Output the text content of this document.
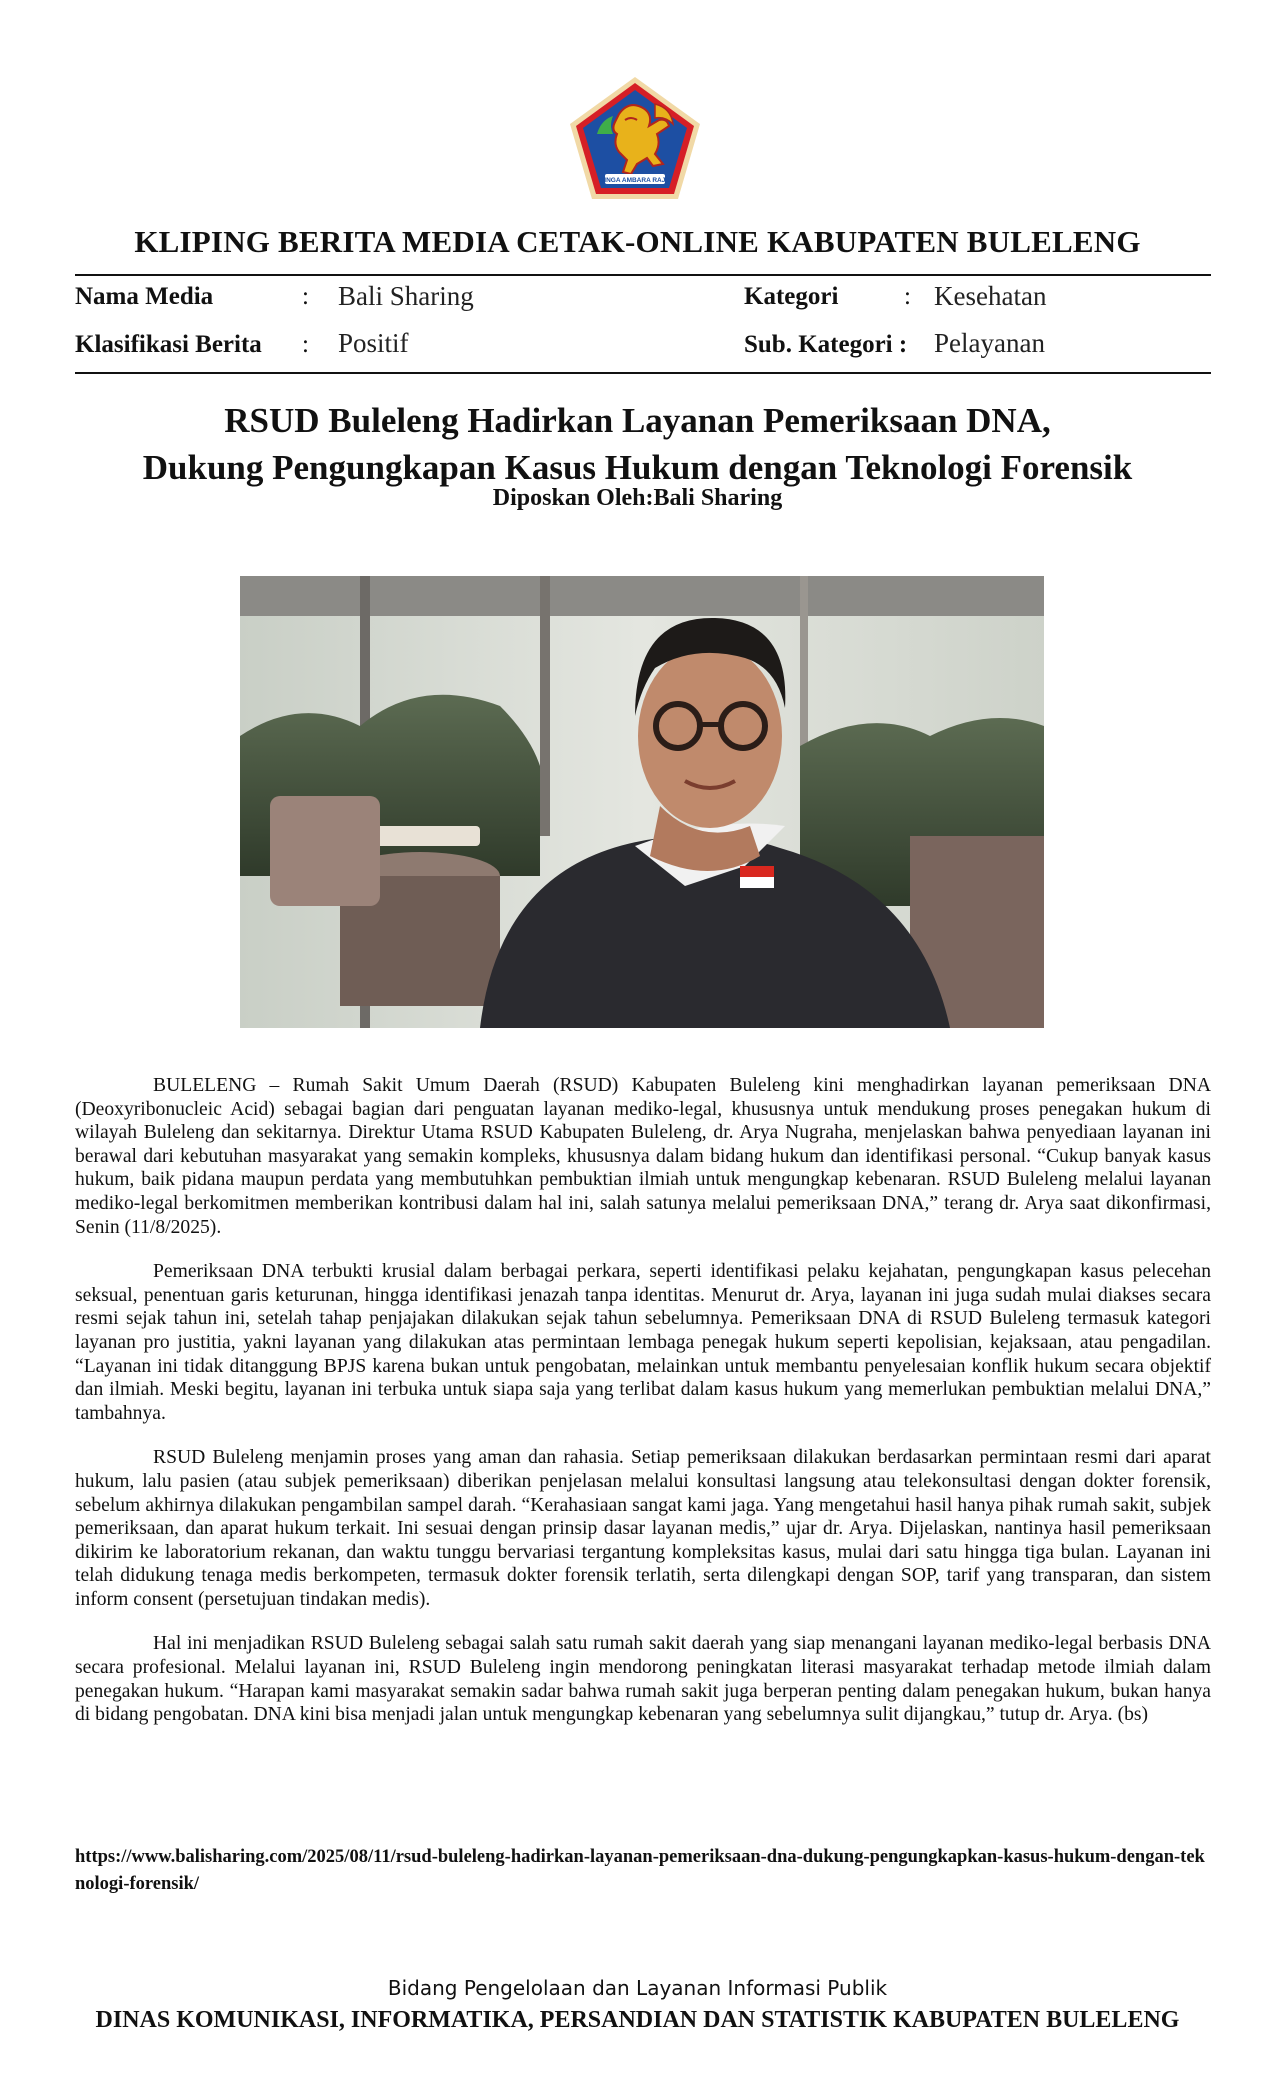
SINGA AMBARA RAJA
KLIPING BERITA MEDIA CETAK-ONLINE KABUPATEN BULELENG
Nama Media	: Bali Sharing	Kategori	: Kesehatan
Klasifikasi Berita : Positif	Sub. Kategori : Pelayanan
RSUD Buleleng Hadirkan Layanan Pemeriksaan DNA,
Dukung Pengungkapan Kasus Hukum dengan Teknologi Forensik
Diposkan Oleh:Bali Sharing

BULELENG – Rumah Sakit Umum Daerah (RSUD) Kabupaten Buleleng kini menghadirkan layanan pemeriksaan DNA (Deoxyribonucleic Acid) sebagai bagian dari penguatan layanan mediko-legal, khususnya untuk mendukung proses penegakan hukum di wilayah Buleleng dan sekitarnya. Direktur Utama RSUD Kabupaten Buleleng, dr. Arya Nugraha, menjelaskan bahwa penyediaan layanan ini berawal dari kebutuhan masyarakat yang semakin kompleks, khususnya dalam bidang hukum dan identifikasi personal. “Cukup banyak kasus hukum, baik pidana maupun perdata yang membutuhkan pembuktian ilmiah untuk mengungkap kebenaran. RSUD Buleleng melalui layanan mediko-legal berkomitmen memberikan kontribusi dalam hal ini, salah satunya melalui pemeriksaan DNA,” terang dr. Arya saat dikonfirmasi, Senin (11/8/2025).

Pemeriksaan DNA terbukti krusial dalam berbagai perkara, seperti identifikasi pelaku kejahatan, pengungkapan kasus pelecehan seksual, penentuan garis keturunan, hingga identifikasi jenazah tanpa identitas. Menurut dr. Arya, layanan ini juga sudah mulai diakses secara resmi sejak tahun ini, setelah tahap penjajakan dilakukan sejak tahun sebelumnya. Pemeriksaan DNA di RSUD Buleleng termasuk kategori layanan pro justitia, yakni layanan yang dilakukan atas permintaan lembaga penegak hukum seperti kepolisian, kejaksaan, atau pengadilan. “Layanan ini tidak ditanggung BPJS karena bukan untuk pengobatan, melainkan untuk membantu penyelesaian konflik hukum secara objektif dan ilmiah. Meski begitu, layanan ini terbuka untuk siapa saja yang terlibat dalam kasus hukum yang memerlukan pembuktian melalui DNA,” tambahnya.

RSUD Buleleng menjamin proses yang aman dan rahasia. Setiap pemeriksaan dilakukan berdasarkan permintaan resmi dari aparat hukum, lalu pasien (atau subjek pemeriksaan) diberikan penjelasan melalui konsultasi langsung atau telekonsultasi dengan dokter forensik, sebelum akhirnya dilakukan pengambilan sampel darah. “Kerahasiaan sangat kami jaga. Yang mengetahui hasil hanya pihak rumah sakit, subjek pemeriksaan, dan aparat hukum terkait. Ini sesuai dengan prinsip dasar layanan medis,” ujar dr. Arya. Dijelaskan, nantinya hasil pemeriksaan dikirim ke laboratorium rekanan, dan waktu tunggu bervariasi tergantung kompleksitas kasus, mulai dari satu hingga tiga bulan. Layanan ini telah didukung tenaga medis berkompeten, termasuk dokter forensik terlatih, serta dilengkapi dengan SOP, tarif yang transparan, dan sistem inform consent (persetujuan tindakan medis).

Hal ini menjadikan RSUD Buleleng sebagai salah satu rumah sakit daerah yang siap menangani layanan mediko-legal berbasis DNA secara profesional. Melalui layanan ini, RSUD Buleleng ingin mendorong peningkatan literasi masyarakat terhadap metode ilmiah dalam penegakan hukum. “Harapan kami masyarakat semakin sadar bahwa rumah sakit juga berperan penting dalam penegakan hukum, bukan hanya di bidang pengobatan. DNA kini bisa menjadi jalan untuk mengungkap kebenaran yang sebelumnya sulit dijangkau,” tutup dr. Arya. (bs)

https://www.balisharing.com/2025/08/11/rsud-buleleng-hadirkan-layanan-pemeriksaan-dna-dukung-pengungkapkan-kasus-hukum-dengan-teknologi-forensik/
Bidang Pengelolaan dan Layanan Informasi Publik
DINAS KOMUNIKASI, INFORMATIKA, PERSANDIAN DAN STATISTIK KABUPATEN BULELENG
